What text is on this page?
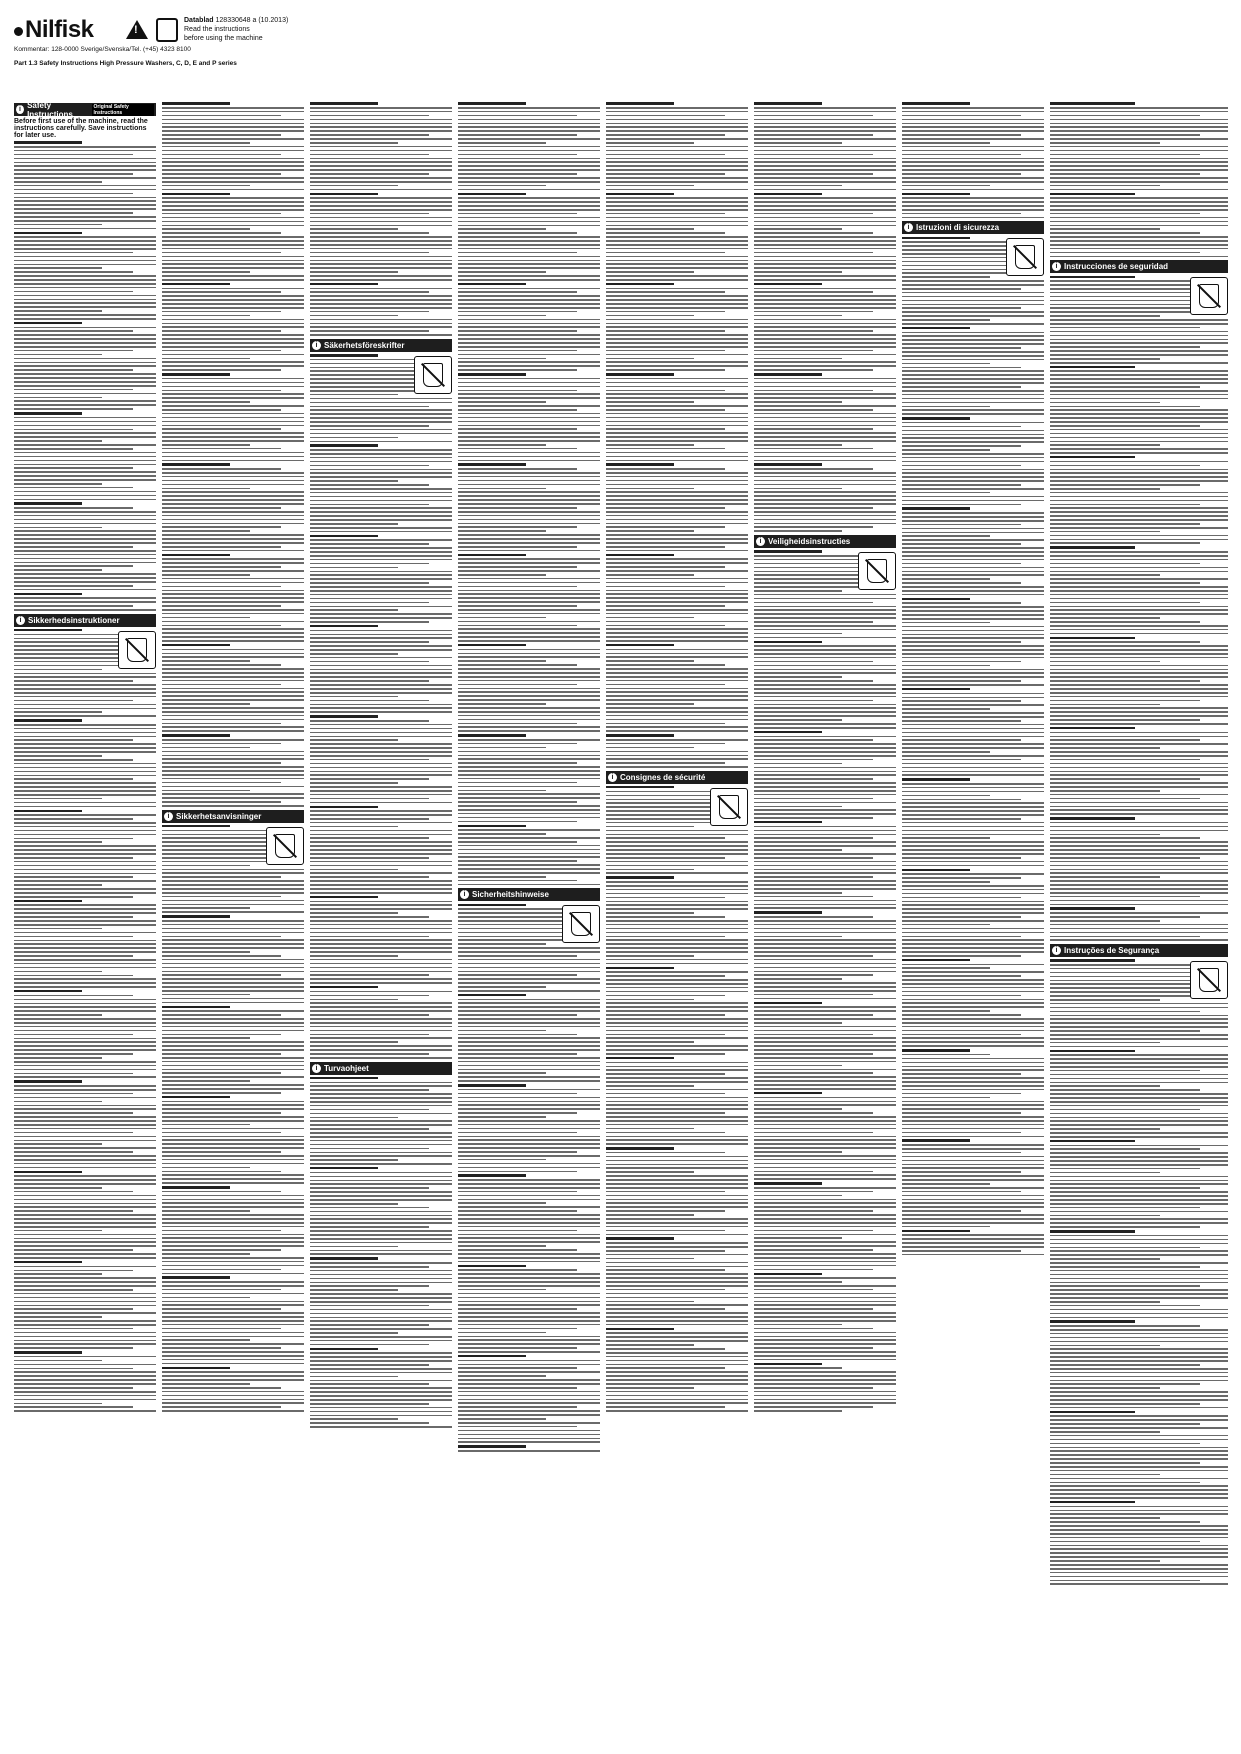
Nilfisk
!	Datablad 128330648 a (10.2013)
Read the instructions
before using the machine
Kommentar: 128-0000 Sverige/Svenska/Tel. (+45) 4323 8100
Part 1.3 Safety Instructions High Pressure Washers, C, D, E and P series
i Safety Instructions
Original Safety Instructions
Before first use of the machine, read the instructions carefully. Save instructions for later use.
i Sikkerhedsinstruktioner
i Sikkerhetsanvisninger
i Säkerhetsföreskrifter
i Turvaohjeet
i Sicherheitshinweise
i Consignes de sécurité
i Veiligheidsinstructies
i Istruzioni di sicurezza
i Instrucciones de seguridad
i Instruções de Segurança
